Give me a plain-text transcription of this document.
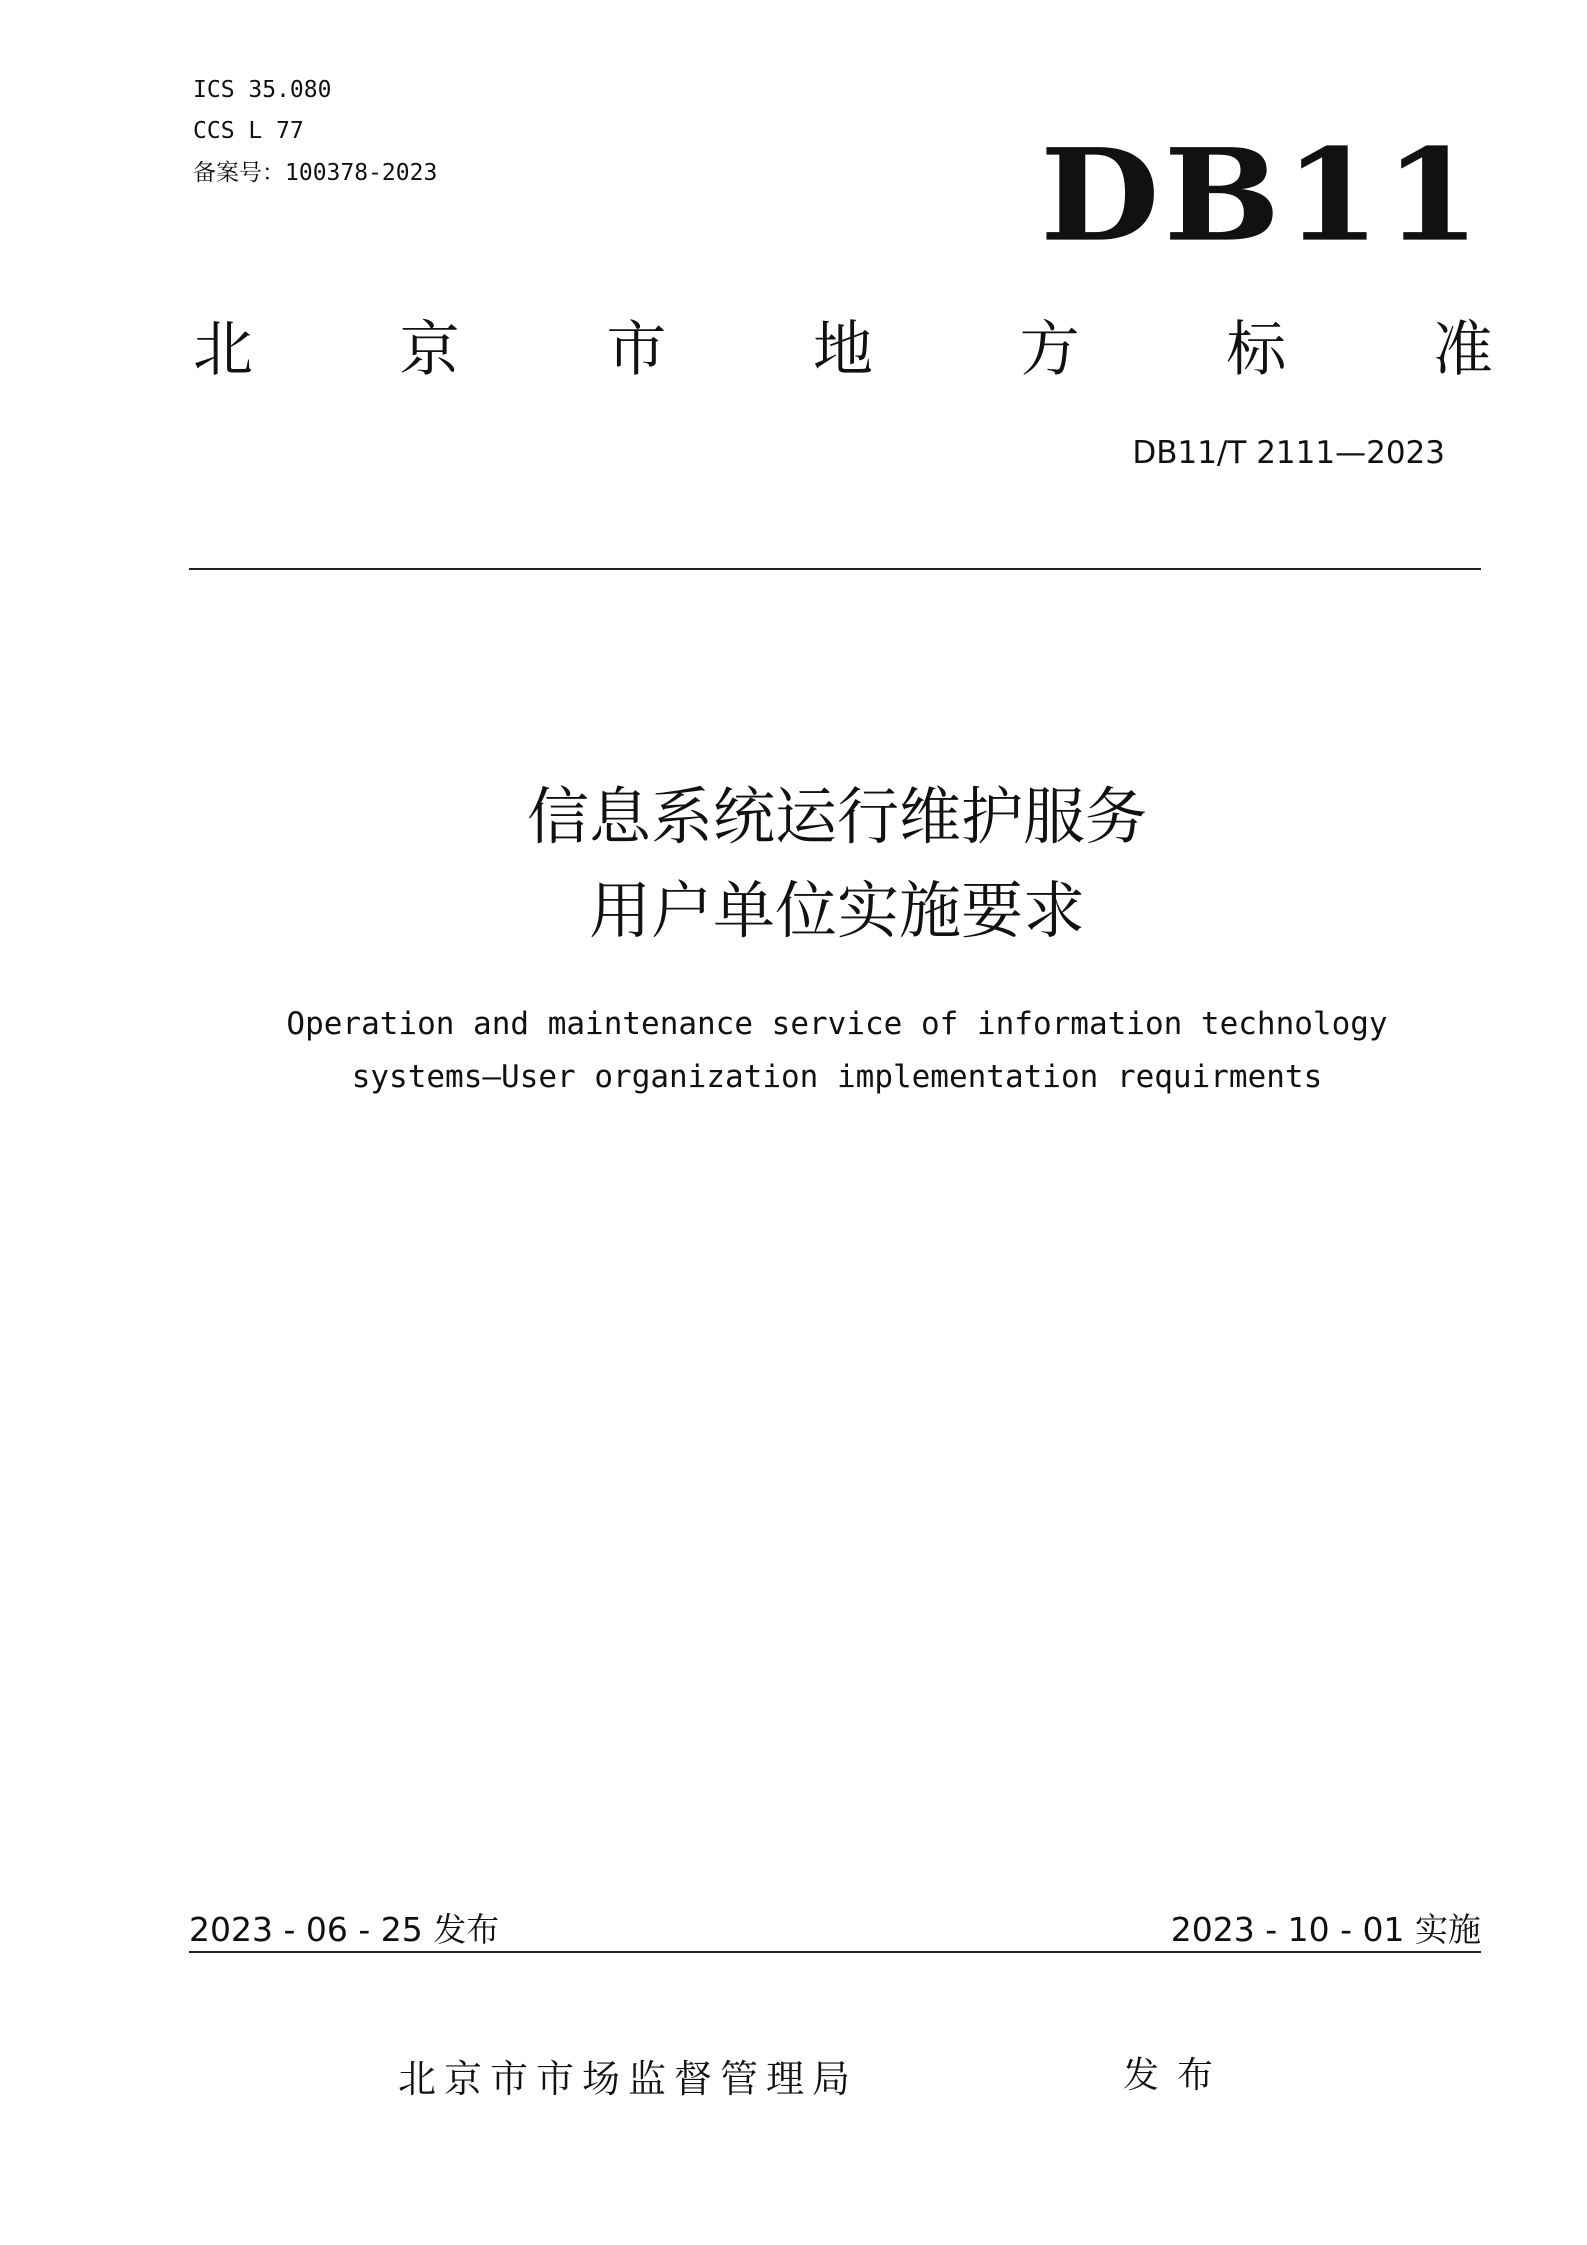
ICS 35.080
CCS L 77
备案号：100378-2023	DB11
北 京 市 地 方 标 准
DB11/T 2111—2023
信息系统运行维护服务
用户单位实施要求
Operation and maintenance service of information technology
systems—User organization implementation requirments
2023 - 06 - 25 发布	2023 - 10 - 01 实施
北京市市场监督管理局	发布
